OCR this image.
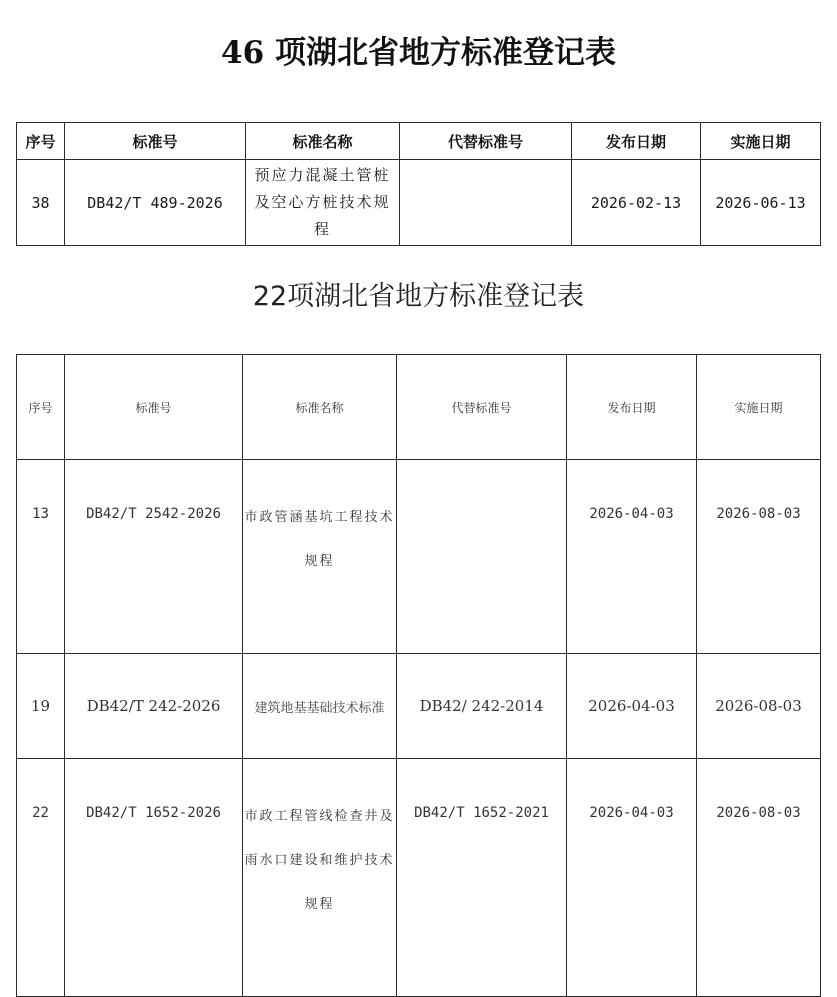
46 项湖北省地方标准登记表
序号	标准号	标准名称	代替标准号	发布日期	实施日期
38	DB42/T 489-2026	预应力混凝土管桩及空心方桩技术规程		2026-02-13	2026-06-13
22项湖北省地方标准登记表
序号	标准号	标准名称	代替标准号	发布日期	实施日期
13	DB42/T 2542-2026	市政管涵基坑工程技术规程		2026-04-03	2026-08-03
19	DB42/T 242-2026	建筑地基基础技术标准	DB42/ 242-2014	2026-04-03	2026-08-03
22	DB42/T 1652-2026	市政工程管线检查井及雨水口建设和维护技术规程	DB42/T 1652-2021	2026-04-03	2026-08-03
